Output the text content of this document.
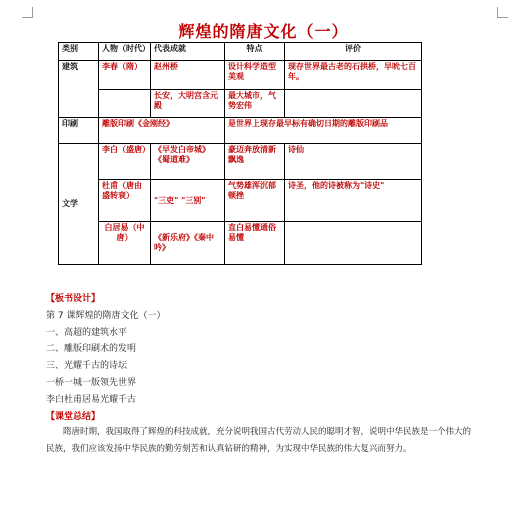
辉煌的隋唐文化（一）
类别	人物（时代）	代表成就	特点	评价
建筑	李春（隋）	赵州桥	设计科学造型美观	现存世界最古老的石拱桥，早吮七百年。
		长安，大明宫含元殿	最大城市，气势宏伟	
印刷	雕版印刷《金刚经》		是世界上现存最早标有确切日期的雕版印刷品	
文学	李白（盛唐）	《早发白帝城》《蜀道难》	豪迈奔放清新飘逸	诗仙
	杜甫（唐由盛转衰）	"三吏" "三别"	气势雄浑沉郁顿挫	诗圣，他的诗被称为"诗史"
	白居易（中唐）	《新乐府》《秦中吟》	直白易懂通俗易懂	
【板书设计】
第 7 课辉煌的隋唐文化（一）
一、高超的建筑水平
二、雕版印刷术的发明
三、光耀千古的诗坛
一桥一城一版领先世界
李白杜甫居易光耀千古
【课堂总结】

隋唐时期，我国取得了辉煌的科技成就，充分说明我国古代劳动人民的聪明才智，说明中华民族是一个伟大的民族，我们应该发扬中华民族的勤劳刻苦和认真钻研的精神，为实现中华民族的伟大复兴而努力。
